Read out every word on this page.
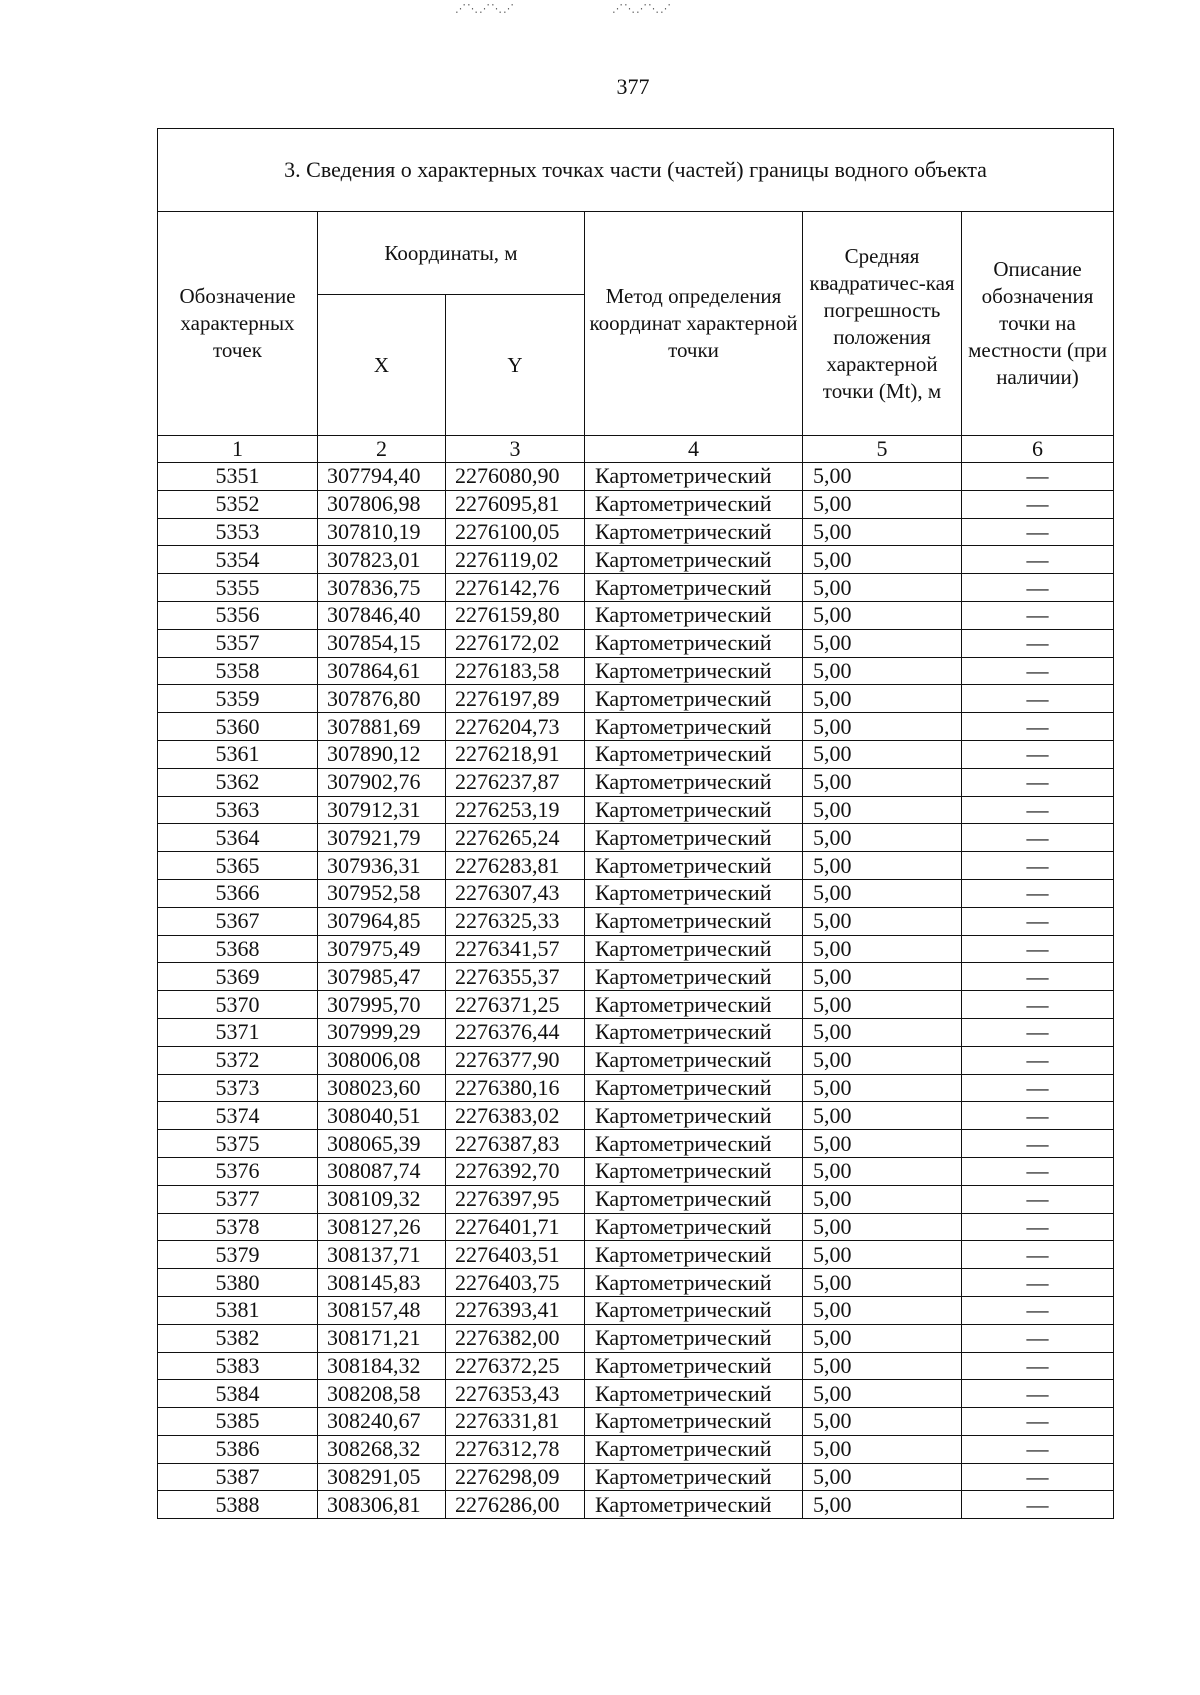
⋰⋱⋰⋱⋰	⋰⋱⋰⋱⋰
377
3. Сведения о характерных точках части (частей) границы водного объекта					
Обозначение характерных точек	Координаты, м		Метод определения координат характерной точки	Средняя квадратичес-кая погрешность положения характерной точки (Mt), м	Описание обозначения точки на местности (при наличии)
	X	Y			
1	2	3	4	5	6
5351	307794,40	2276080,90	Картометрический	5,00	—
5352	307806,98	2276095,81	Картометрический	5,00	—
5353	307810,19	2276100,05	Картометрический	5,00	—
5354	307823,01	2276119,02	Картометрический	5,00	—
5355	307836,75	2276142,76	Картометрический	5,00	—
5356	307846,40	2276159,80	Картометрический	5,00	—
5357	307854,15	2276172,02	Картометрический	5,00	—
5358	307864,61	2276183,58	Картометрический	5,00	—
5359	307876,80	2276197,89	Картометрический	5,00	—
5360	307881,69	2276204,73	Картометрический	5,00	—
5361	307890,12	2276218,91	Картометрический	5,00	—
5362	307902,76	2276237,87	Картометрический	5,00	—
5363	307912,31	2276253,19	Картометрический	5,00	—
5364	307921,79	2276265,24	Картометрический	5,00	—
5365	307936,31	2276283,81	Картометрический	5,00	—
5366	307952,58	2276307,43	Картометрический	5,00	—
5367	307964,85	2276325,33	Картометрический	5,00	—
5368	307975,49	2276341,57	Картометрический	5,00	—
5369	307985,47	2276355,37	Картометрический	5,00	—
5370	307995,70	2276371,25	Картометрический	5,00	—
5371	307999,29	2276376,44	Картометрический	5,00	—
5372	308006,08	2276377,90	Картометрический	5,00	—
5373	308023,60	2276380,16	Картометрический	5,00	—
5374	308040,51	2276383,02	Картометрический	5,00	—
5375	308065,39	2276387,83	Картометрический	5,00	—
5376	308087,74	2276392,70	Картометрический	5,00	—
5377	308109,32	2276397,95	Картометрический	5,00	—
5378	308127,26	2276401,71	Картометрический	5,00	—
5379	308137,71	2276403,51	Картометрический	5,00	—
5380	308145,83	2276403,75	Картометрический	5,00	—
5381	308157,48	2276393,41	Картометрический	5,00	—
5382	308171,21	2276382,00	Картометрический	5,00	—
5383	308184,32	2276372,25	Картометрический	5,00	—
5384	308208,58	2276353,43	Картометрический	5,00	—
5385	308240,67	2276331,81	Картометрический	5,00	—
5386	308268,32	2276312,78	Картометрический	5,00	—
5387	308291,05	2276298,09	Картометрический	5,00	—
5388	308306,81	2276286,00	Картометрический	5,00	—
